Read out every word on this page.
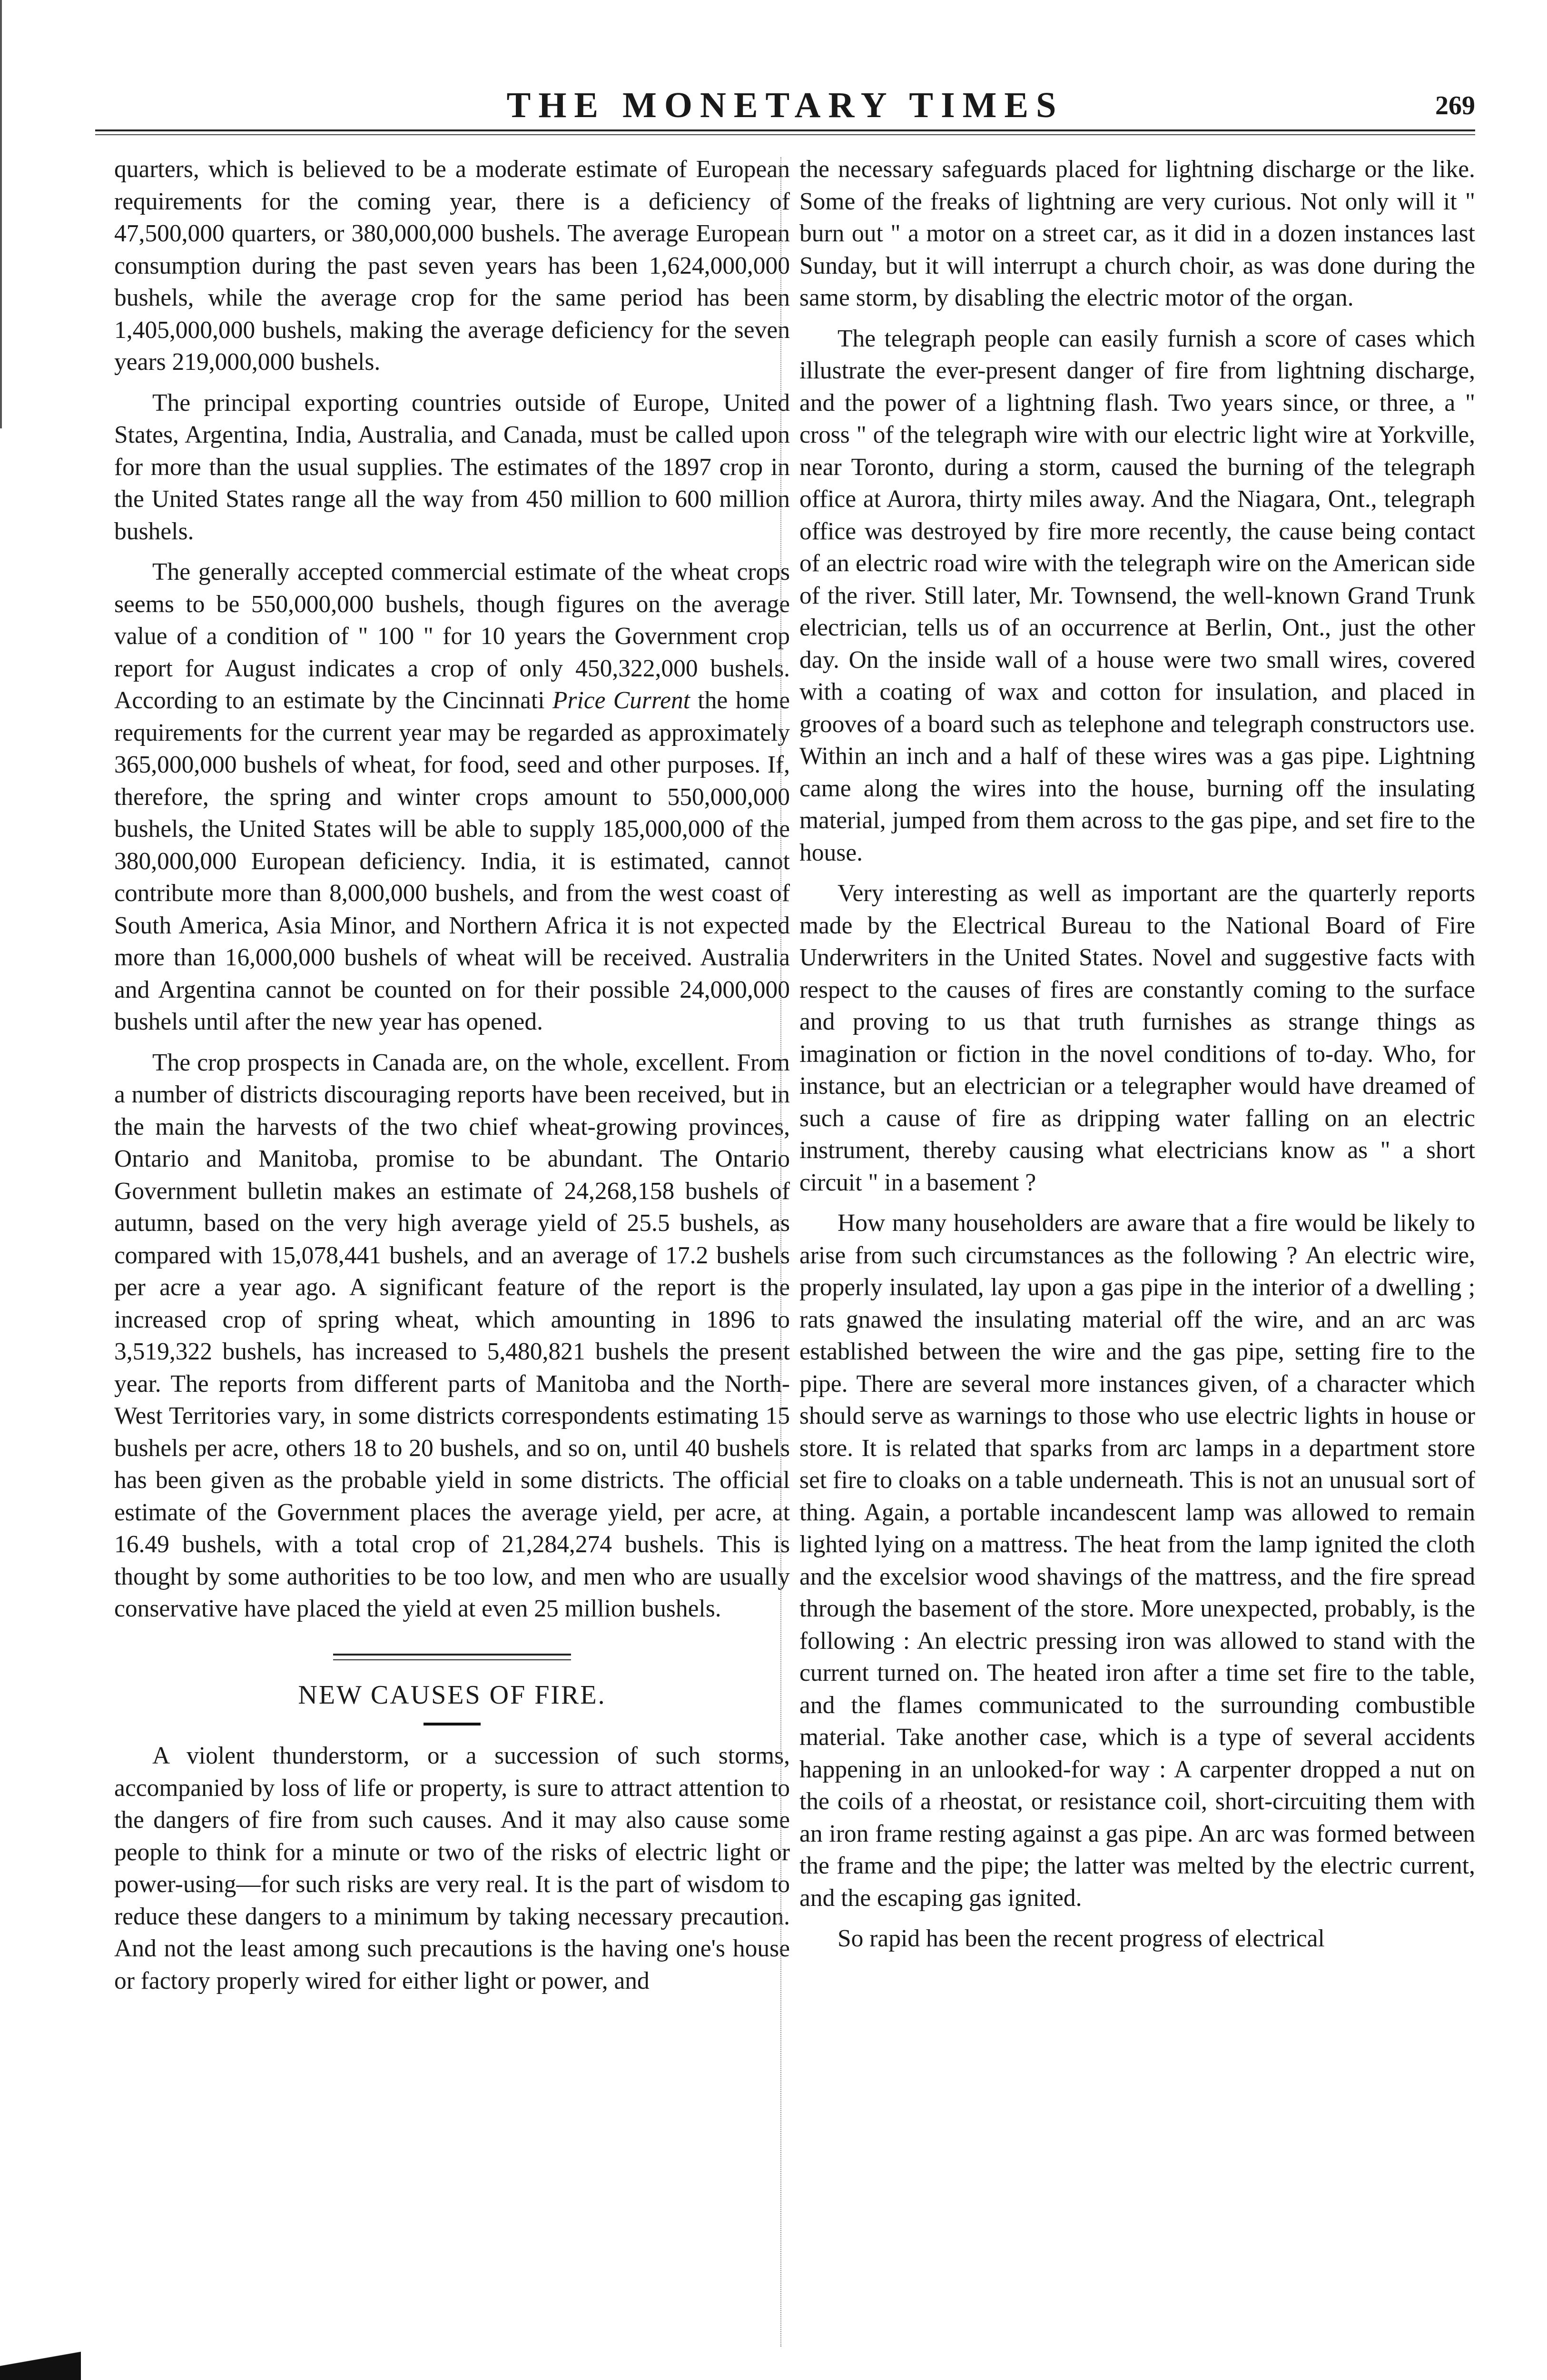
THE MONETARY TIMES	269

quarters, which is believed to be a moderate estimate of European requirements for the coming year, there is a deficiency of 47,500,000 quarters, or 380,000,000 bushels. The average European consumption during the past seven years has been 1,624,000,000 bushels, while the average crop for the same period has been 1,405,000,000 bushels, making the average deficiency for the seven years 219,000,000 bushels.

The principal exporting countries outside of Europe, United States, Argentina, India, Australia, and Canada, must be called upon for more than the usual supplies. The estimates of the 1897 crop in the United States range all the way from 450 million to 600 million bushels.

The generally accepted commercial estimate of the wheat crops seems to be 550,000,000 bushels, though figures on the average value of a condition of " 100 " for 10 years the Government crop report for August indicates a crop of only 450,322,000 bushels. According to an estimate by the Cincinnati Price Current the home requirements for the current year may be regarded as approximately 365,000,000 bushels of wheat, for food, seed and other purposes. If, therefore, the spring and winter crops amount to 550,000,000 bushels, the United States will be able to supply 185,000,000 of the 380,000,000 European deficiency. India, it is estimated, cannot contribute more than 8,000,000 bushels, and from the west coast of South America, Asia Minor, and Northern Africa it is not expected more than 16,000,000 bushels of wheat will be received. Australia and Argentina cannot be counted on for their possible 24,000,000 bushels until after the new year has opened.

The crop prospects in Canada are, on the whole, excellent. From a number of districts discouraging reports have been received, but in the main the harvests of the two chief wheat-growing provinces, Ontario and Manitoba, promise to be abundant. The Ontario Government bulletin makes an estimate of 24,268,158 bushels of autumn, based on the very high average yield of 25.5 bushels, as compared with 15,078,441 bushels, and an average of 17.2 bushels per acre a year ago. A significant feature of the report is the increased crop of spring wheat, which amounting in 1896 to 3,519,322 bushels, has increased to 5,480,821 bushels the present year. The reports from different parts of Manitoba and the North-West Territories vary, in some districts correspondents estimating 15 bushels per acre, others 18 to 20 bushels, and so on, until 40 bushels has been given as the probable yield in some districts. The official estimate of the Government places the average yield, per acre, at 16.49 bushels, with a total crop of 21,284,274 bushels. This is thought by some authorities to be too low, and men who are usually conservative have placed the yield at even 25 million bushels.

NEW CAUSES OF FIRE.

A violent thunderstorm, or a succession of such storms, accompanied by loss of life or property, is sure to attract attention to the dangers of fire from such causes. And it may also cause some people to think for a minute or two of the risks of electric light or power-using—for such risks are very real. It is the part of wisdom to reduce these dangers to a minimum by taking necessary precaution. And not the least among such precautions is the having one's house or factory properly wired for either light or power, and

the necessary safeguards placed for lightning discharge or the like. Some of the freaks of lightning are very curious. Not only will it " burn out " a motor on a street car, as it did in a dozen instances last Sunday, but it will interrupt a church choir, as was done during the same storm, by disabling the electric motor of the organ.

The telegraph people can easily furnish a score of cases which illustrate the ever-present danger of fire from lightning discharge, and the power of a lightning flash. Two years since, or three, a " cross " of the telegraph wire with our electric light wire at Yorkville, near Toronto, during a storm, caused the burning of the telegraph office at Aurora, thirty miles away. And the Niagara, Ont., telegraph office was destroyed by fire more recently, the cause being contact of an electric road wire with the telegraph wire on the American side of the river. Still later, Mr. Townsend, the well-known Grand Trunk electrician, tells us of an occurrence at Berlin, Ont., just the other day. On the inside wall of a house were two small wires, covered with a coating of wax and cotton for insulation, and placed in grooves of a board such as telephone and telegraph constructors use. Within an inch and a half of these wires was a gas pipe. Lightning came along the wires into the house, burning off the insulating material, jumped from them across to the gas pipe, and set fire to the house.

Very interesting as well as important are the quarterly reports made by the Electrical Bureau to the National Board of Fire Underwriters in the United States. Novel and suggestive facts with respect to the causes of fires are constantly coming to the surface and proving to us that truth furnishes as strange things as imagination or fiction in the novel conditions of to-day. Who, for instance, but an electrician or a telegrapher would have dreamed of such a cause of fire as dripping water falling on an electric instrument, thereby causing what electricians know as " a short circuit " in a basement ?

How many householders are aware that a fire would be likely to arise from such circumstances as the following ? An electric wire, properly insulated, lay upon a gas pipe in the interior of a dwelling ; rats gnawed the insulating material off the wire, and an arc was established between the wire and the gas pipe, setting fire to the pipe. There are several more instances given, of a character which should serve as warnings to those who use electric lights in house or store. It is related that sparks from arc lamps in a department store set fire to cloaks on a table underneath. This is not an unusual sort of thing. Again, a portable incandescent lamp was allowed to remain lighted lying on a mattress. The heat from the lamp ignited the cloth and the excelsior wood shavings of the mattress, and the fire spread through the basement of the store. More unexpected, probably, is the following : An electric pressing iron was allowed to stand with the current turned on. The heated iron after a time set fire to the table, and the flames communicated to the surrounding combustible material. Take another case, which is a type of several accidents happening in an unlooked-for way : A carpenter dropped a nut on the coils of a rheostat, or resistance coil, short-circuiting them with an iron frame resting against a gas pipe. An arc was formed between the frame and the pipe; the latter was melted by the electric current, and the escaping gas ignited.

So rapid has been the recent progress of electrical
